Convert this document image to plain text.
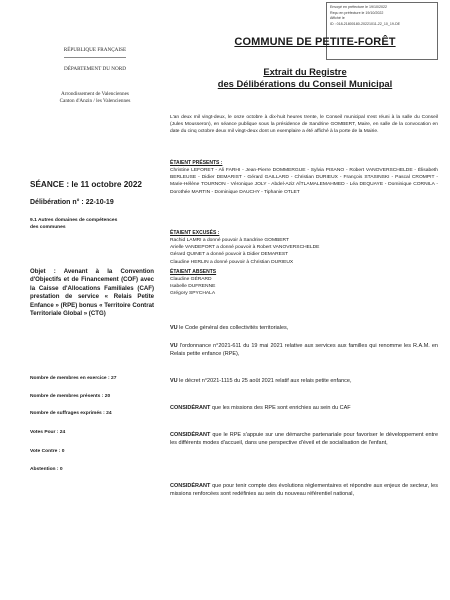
Envoyé en préfecture le 19/10/2022
Reçu en préfecture le 19/10/2022
Affiché le
ID : 018-21800180-20221011-22_10_19-DE
RÉPUBLIQUE FRANÇAISE
DÉPARTEMENT DU NORD
Arrondissement de Valenciennes
Canton d'Anzin / les Valenciennes
COMMUNE DE PETITE-FORÊT
Extrait du Registre
des Délibérations du Conseil Municipal
L'an deux mil vingt-deux, le onze octobre à dix-huit heures trente, le Conseil municipal s'est réuni à la salle du Conseil (Jules Mousseron), en séance publique sous la présidence de Sandrine GOMBERT, Maire, en salle de la convocation en date du cinq octobre deux mil vingt-deux dont un exemplaire a été affiché à la porte de la Mairie.
ÉTAIENT PRÉSENTS :
Christine LEFORET - Ali FARHI - Jean-Pierre DOMMERGUE - Sylvia PISANO - Robert VANOVERSCHELDE - Élisabeth BERLEUSE - Didier DEMARIST - Gérard GAILLARD - Christian DURIEUX - François STASINSKI - Pascal CROMPIT - Marie-Hélène TOURNON - Véronique JOLY - Abdel-Aziz AÏTLAMALEMAHMED - Léa DEQUAYE - Dominique CORNILA - Dorothée MARTIN - Dominique DAUCHY - Tiphanie OTLET
ÉTAIENT EXCUSÉS :
Rachid LAMRI a donné pouvoir à Sandrine GOMBERT
Arielle VANDEPORT a donné pouvoir à Robert VANOVERSCHELDE
Gérard QUINET a donné pouvoir à Didier DEMAREST
Claudine HERLIN a donné pouvoir à Christian DURIEUX
ÉTAIENT ABSENTS
Claudine GÉRARD
Isabelle DUFRENNE
Grégory SPYCHALA
SÉANCE : le 11 octobre 2022
Délibération n° : 22-10-19
9.1 Autres domaines de compétences
des communes
Objet : Avenant à la Convention d'Objectifs et de Financement (COF) avec la Caisse d'Allocations Familiales (CAF) prestation de service « Relais Petite Enfance » (RPE) bonus « Territoire Contrat Territoriale Global » (CTG)
Nombre de membres en exercice : 27
Nombre de membres présents : 20
Nombre de suffrages exprimés : 24
Votes Pour : 24
Vote Contre : 0
Abstention : 0
VU le Code général des collectivités territoriales,
VU l'ordonnance n°2021-611 du 19 mai 2021 relative aux services aux familles qui renomme les R.A.M. en Relais petite enfance (RPE),
VU le décret n°2021-1115 du 25 août 2021 relatif aux relais petite enfance,
CONSIDÉRANT que les missions des RPE sont enrichies au sein du CAF
CONSIDÉRANT que le RPE s'appuie sur une démarche partenariale pour favoriser le développement entre les différents modes d'accueil, dans une perspective d'éveil et de socialisation de l'enfant,
CONSIDÉRANT que pour tenir compte des évolutions réglementaires et répondre aux enjeux de secteur, les missions renforcées sont redéfinies au sein du nouveau référentiel national,
